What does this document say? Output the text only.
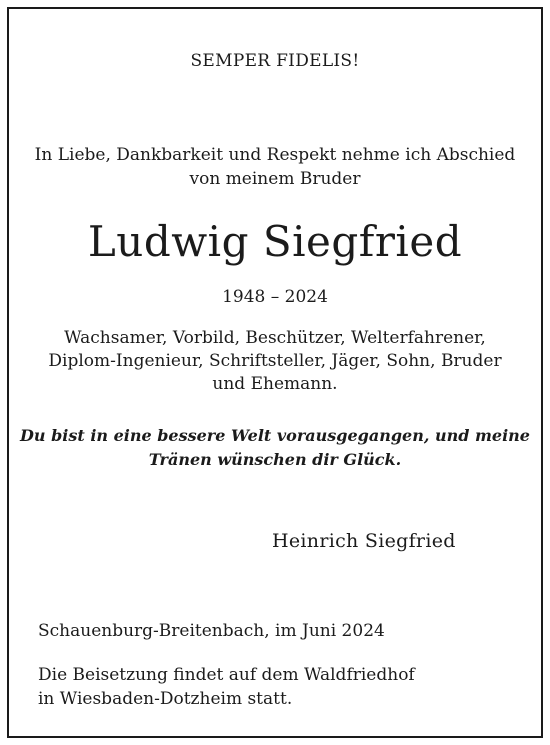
SEMPER FIDELIS!
In Liebe, Dankbarkeit und Respekt nehme ich Abschied
von meinem Bruder
Ludwig Siegfried
1948 – 2024
Wachsamer, Vorbild, Beschützer, Welterfahrener,
Diplom-Ingenieur, Schriftsteller, Jäger, Sohn, Bruder
und Ehemann.
Du bist in eine bessere Welt vorausgegangen, und meine
Tränen wünschen dir Glück.
Heinrich Siegfried
Schauenburg-Breitenbach, im Juni 2024
Die Beisetzung findet auf dem Waldfriedhof
in Wiesbaden-Dotzheim statt.
